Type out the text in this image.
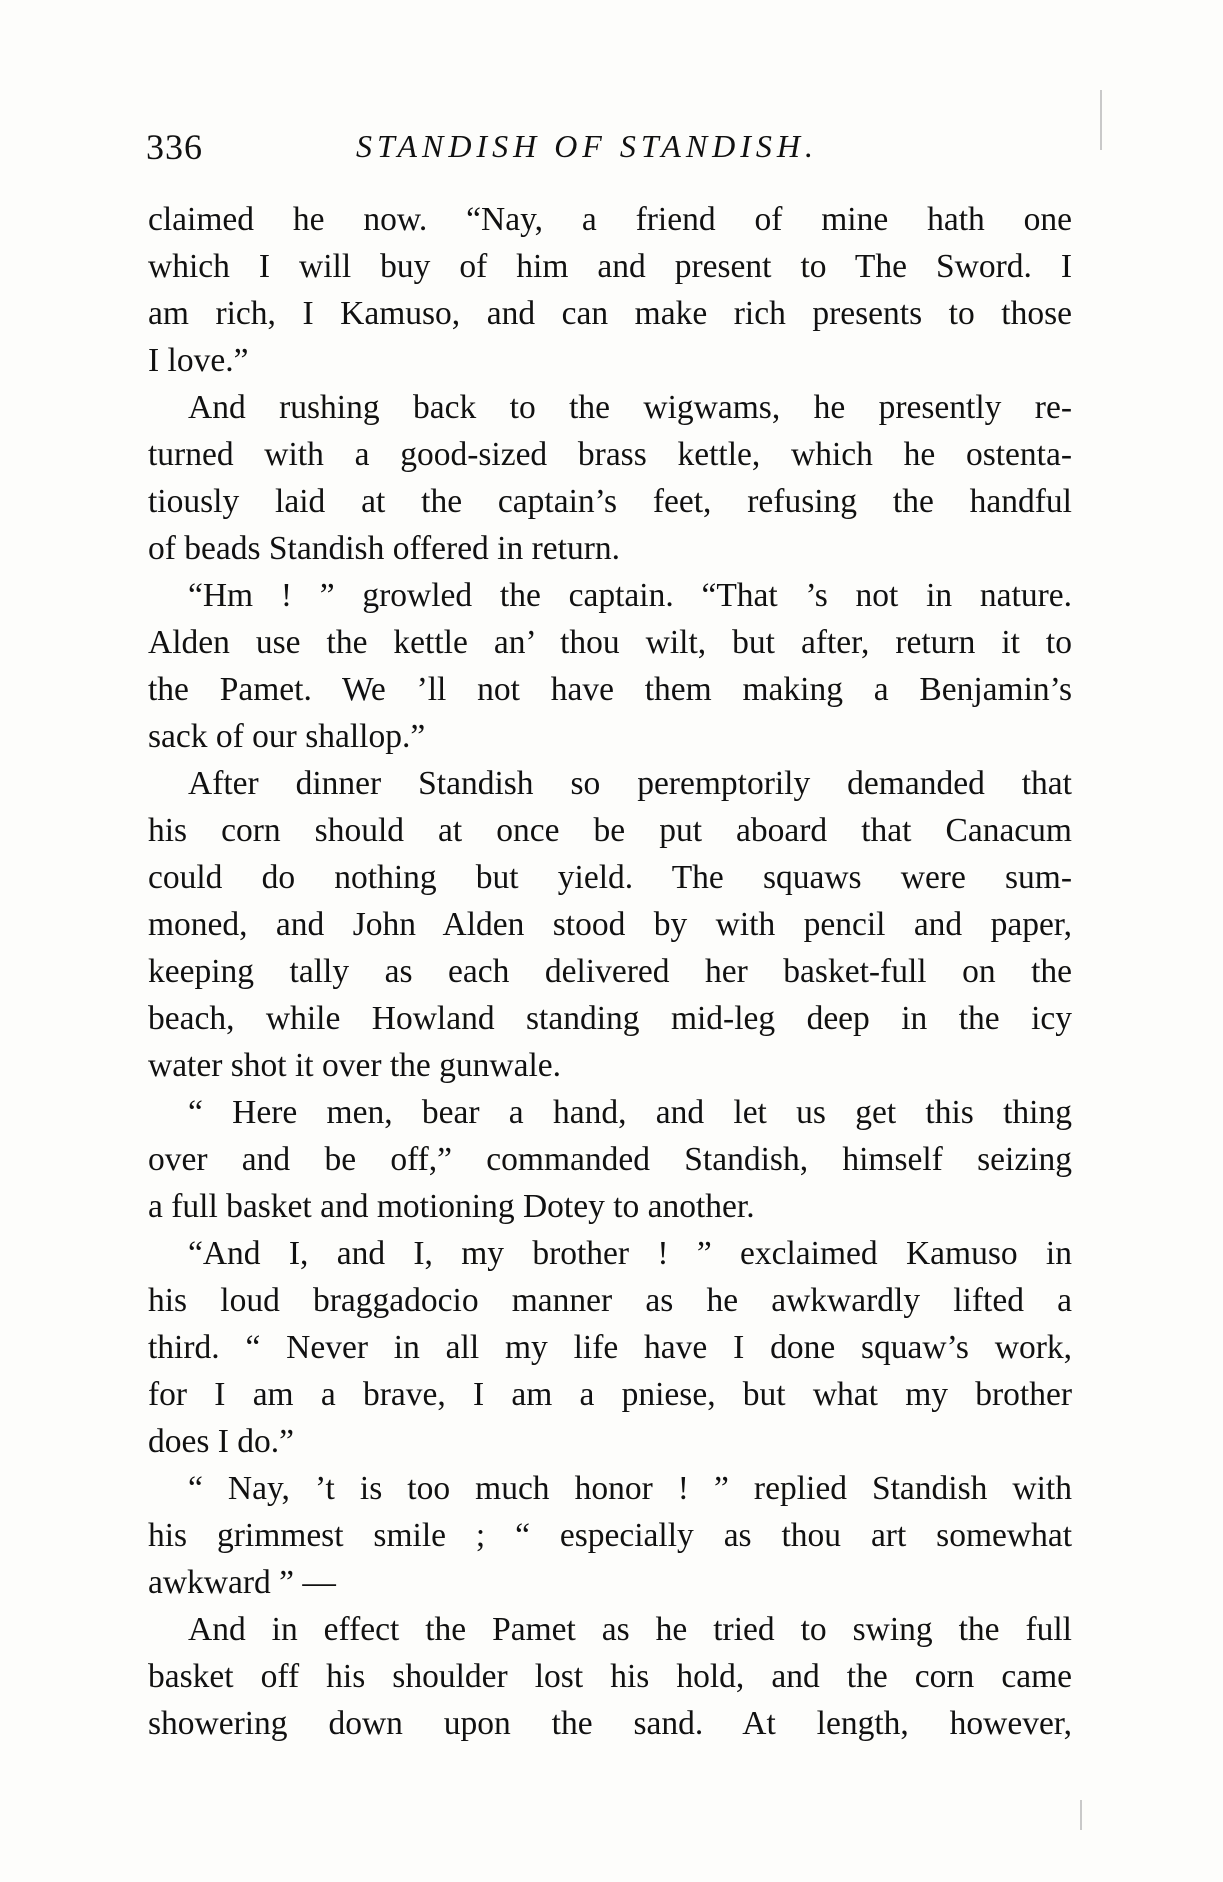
336	STANDISH OF STANDISH.
claimed he now. “Nay, a friend of mine hath one
which I will buy of him and present to The Sword. I
am rich, I Kamuso, and can make rich presents to those
I love.”
And rushing back to the wigwams, he presently re-
turned with a good-sized brass kettle, which he ostenta-
tiously laid at the captain’s feet, refusing the handful
of beads Standish offered in return.
“Hm ! ” growled the captain. “That ’s not in nature.
Alden use the kettle an’ thou wilt, but after, return it to
the Pamet. We ’ll not have them making a Benjamin’s
sack of our shallop.”
After dinner Standish so peremptorily demanded that
his corn should at once be put aboard that Canacum
could do nothing but yield. The squaws were sum-
moned, and John Alden stood by with pencil and paper,
keeping tally as each delivered her basket-full on the
beach, while Howland standing mid-leg deep in the icy
water shot it over the gunwale.
“ Here men, bear a hand, and let us get this thing
over and be off,” commanded Standish, himself seizing
a full basket and motioning Dotey to another.
“And I, and I, my brother ! ” exclaimed Kamuso in
his loud braggadocio manner as he awkwardly lifted a
third. “ Never in all my life have I done squaw’s work,
for I am a brave, I am a pniese, but what my brother
does I do.”
“ Nay, ’t is too much honor ! ” replied Standish with
his grimmest smile ; “ especially as thou art somewhat
awkward ” —
And in effect the Pamet as he tried to swing the full
basket off his shoulder lost his hold, and the corn came
showering down upon the sand. At length, however,
